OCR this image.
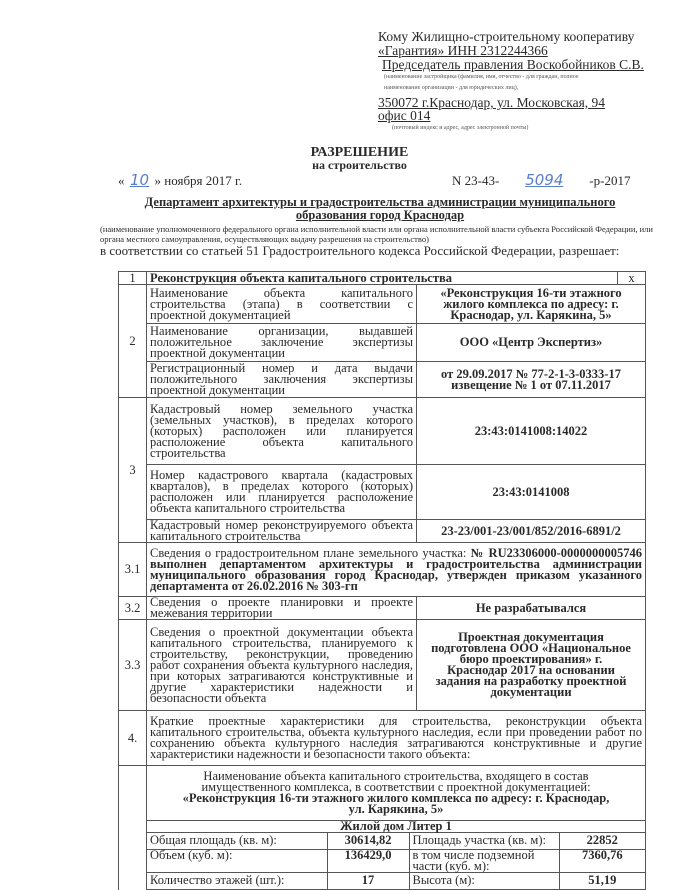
Кому Жилищно-строительному кооперативу
«Гарантия» ИНН 2312244366
Председатель правления Воскобойников С.В.
(наименование застройщика (фамилия, имя, отчество - для граждан, полное
наименование организации - для юридических лиц),
350072 г.Краснодар, ул. Московская, 94
офис 014
(почтовый индекс и адрес, адрес электронной почты)
РАЗРЕШЕНИЕ
на строительство
« 10 » ноября 2017 г.	N 23-43- 5094 -р-2017
Департамент архитектуры и градостроительства администрации муниципального
образования город Краснодар
(наименование уполномоченного федерального органа исполнительной власти или органа исполнительной власти субъекта Российской Федерации, или органа местного самоуправления, осуществляющих выдачу разрешения на строительство)
в соответствии со статьей 51 Градостроительного кодекса Российской Федерации, разрешает:
1	Реконструкция объекта капитального строительства	х
2	Наименование объекта капитального строительства (этапа) в соответствии с проектной документацией	«Реконструкция 16-ти этажного жилого комплекса по адресу: г. Краснодар, ул. Карякина, 5»
Наименование организации, выдавшей положительное заключение экспертизы проектной документации	ООО «Центр Экспертиз»
Регистрационный номер и дата выдачи положительного заключения экспертизы проектной документации	от 29.09.2017 № 77-2-1-3-0333-17 извещение № 1 от 07.11.2017
3	Кадастровый номер земельного участка (земельных участков), в пределах которого (которых) расположен или планируется расположение объекта капитального строительства	23:43:0141008:14022
Номер кадастрового квартала (кадастровых кварталов), в пределах которого (которых) расположен или планируется расположение объекта капитального строительства	23:43:0141008
Кадастровый номер реконструируемого объекта капитального строительства	23-23/001-23/001/852/2016-6891/2
3.1	Сведения о градостроительном плане земельного участка: № RU23306000-0000000005746 выполнен департаментом архитектуры и градостроительства администрации муниципального образования город Краснодар, утвержден приказом указанного департамента от 26.02.2016 № 303-гп
3.2	Сведения о проекте планировки и проекте межевания территории	Не разрабатывался
3.3	Сведения о проектной документации объекта капитального строительства, планируемого к строительству, реконструкции, проведению работ сохранения объекта культурного наследия, при которых затрагиваются конструктивные и другие характеристики надежности и безопасности объекта	Проектная документация подготовлена ООО «Национальное бюро проектирования» г. Краснодар 2017 на основании задания на разработку проектной документации
4.	Краткие проектные характеристики для строительства, реконструкции объекта капитального строительства, объекта культурного наследия, если при проведении работ по сохранению объекта культурного наследия затрагиваются конструктивные и другие характеристики надежности и безопасности такого объекта:

Наименование объекта капитального строительства, входящего в состав имущественного комплекса, в соответствии с проектной документацией:
«Реконструкция 16-ти этажного жилого комплекса по адресу: г. Краснодар, ул. Карякина, 5»
Жилой дом Литер 1
Общая площадь (кв. м):	30614,82	Площадь участка (кв. м):	22852
Объем (куб. м):	136429,0	в том числе подземной части (куб. м):	7360,76
Количество этажей (шт.):	17	Высота (м):	51,19
